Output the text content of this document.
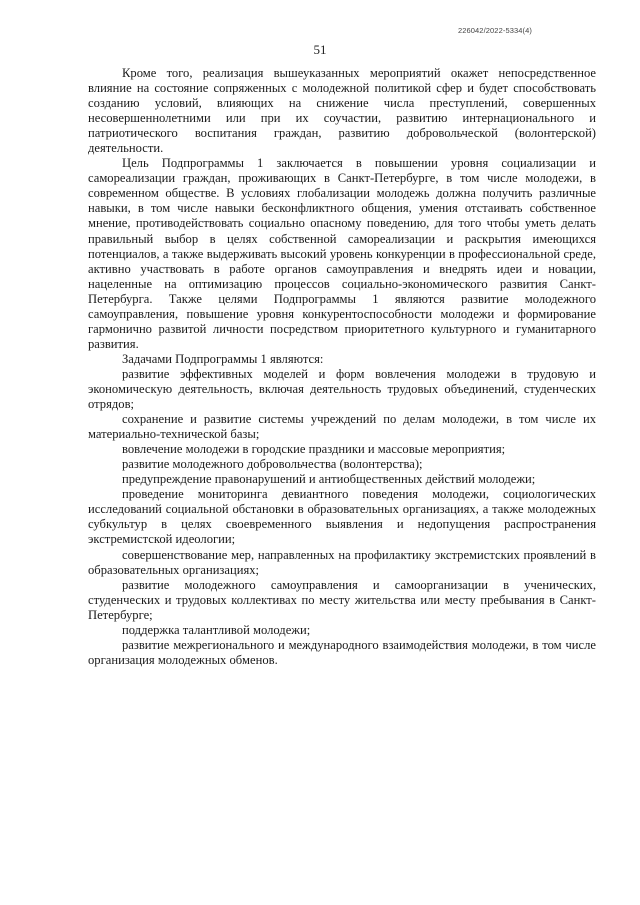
226042/2022-5334(4)
51

Кроме того, реализация вышеуказанных мероприятий окажет непосредственное влияние на состояние сопряженных с молодежной политикой сфер и будет способствовать созданию условий, влияющих на снижение числа преступлений, совершенных несовершеннолетними или при их соучастии, развитию интернационального и патриотического воспитания граждан, развитию добровольческой (волонтерской) деятельности.

Цель Подпрограммы 1 заключается в повышении уровня социализации и самореализации граждан, проживающих в Санкт-Петербурге, в том числе молодежи, в современном обществе. В условиях глобализации молодежь должна получить различные навыки, в том числе навыки бесконфликтного общения, умения отстаивать собственное мнение, противодействовать социально опасному поведению, для того чтобы уметь делать правильный выбор в целях собственной самореализации и раскрытия имеющихся потенциалов, а также выдерживать высокий уровень конкуренции в профессиональной среде, активно участвовать в работе органов самоуправления и внедрять идеи и новации, нацеленные на оптимизацию процессов социально-экономического развития Санкт-Петербурга. Также целями Подпрограммы 1 являются развитие молодежного самоуправления, повышение уровня конкурентоспособности молодежи и формирование гармонично развитой личности посредством приоритетного культурного и гуманитарного развития.

Задачами Подпрограммы 1 являются:

развитие эффективных моделей и форм вовлечения молодежи в трудовую и экономическую деятельность, включая деятельность трудовых объединений, студенческих отрядов;

сохранение и развитие системы учреждений по делам молодежи, в том числе их материально-технической базы;

вовлечение молодежи в городские праздники и массовые мероприятия;

развитие молодежного добровольчества (волонтерства);

предупреждение правонарушений и антиобщественных действий молодежи;

проведение мониторинга девиантного поведения молодежи, социологических исследований социальной обстановки в образовательных организациях, а также молодежных субкультур в целях своевременного выявления и недопущения распространения экстремистской идеологии;

совершенствование мер, направленных на профилактику экстремистских проявлений в образовательных организациях;

развитие молодежного самоуправления и самоорганизации в ученических, студенческих и трудовых коллективах по месту жительства или месту пребывания в Санкт-Петербурге;

поддержка талантливой молодежи;

развитие межрегионального и международного взаимодействия молодежи, в том числе организация молодежных обменов.
